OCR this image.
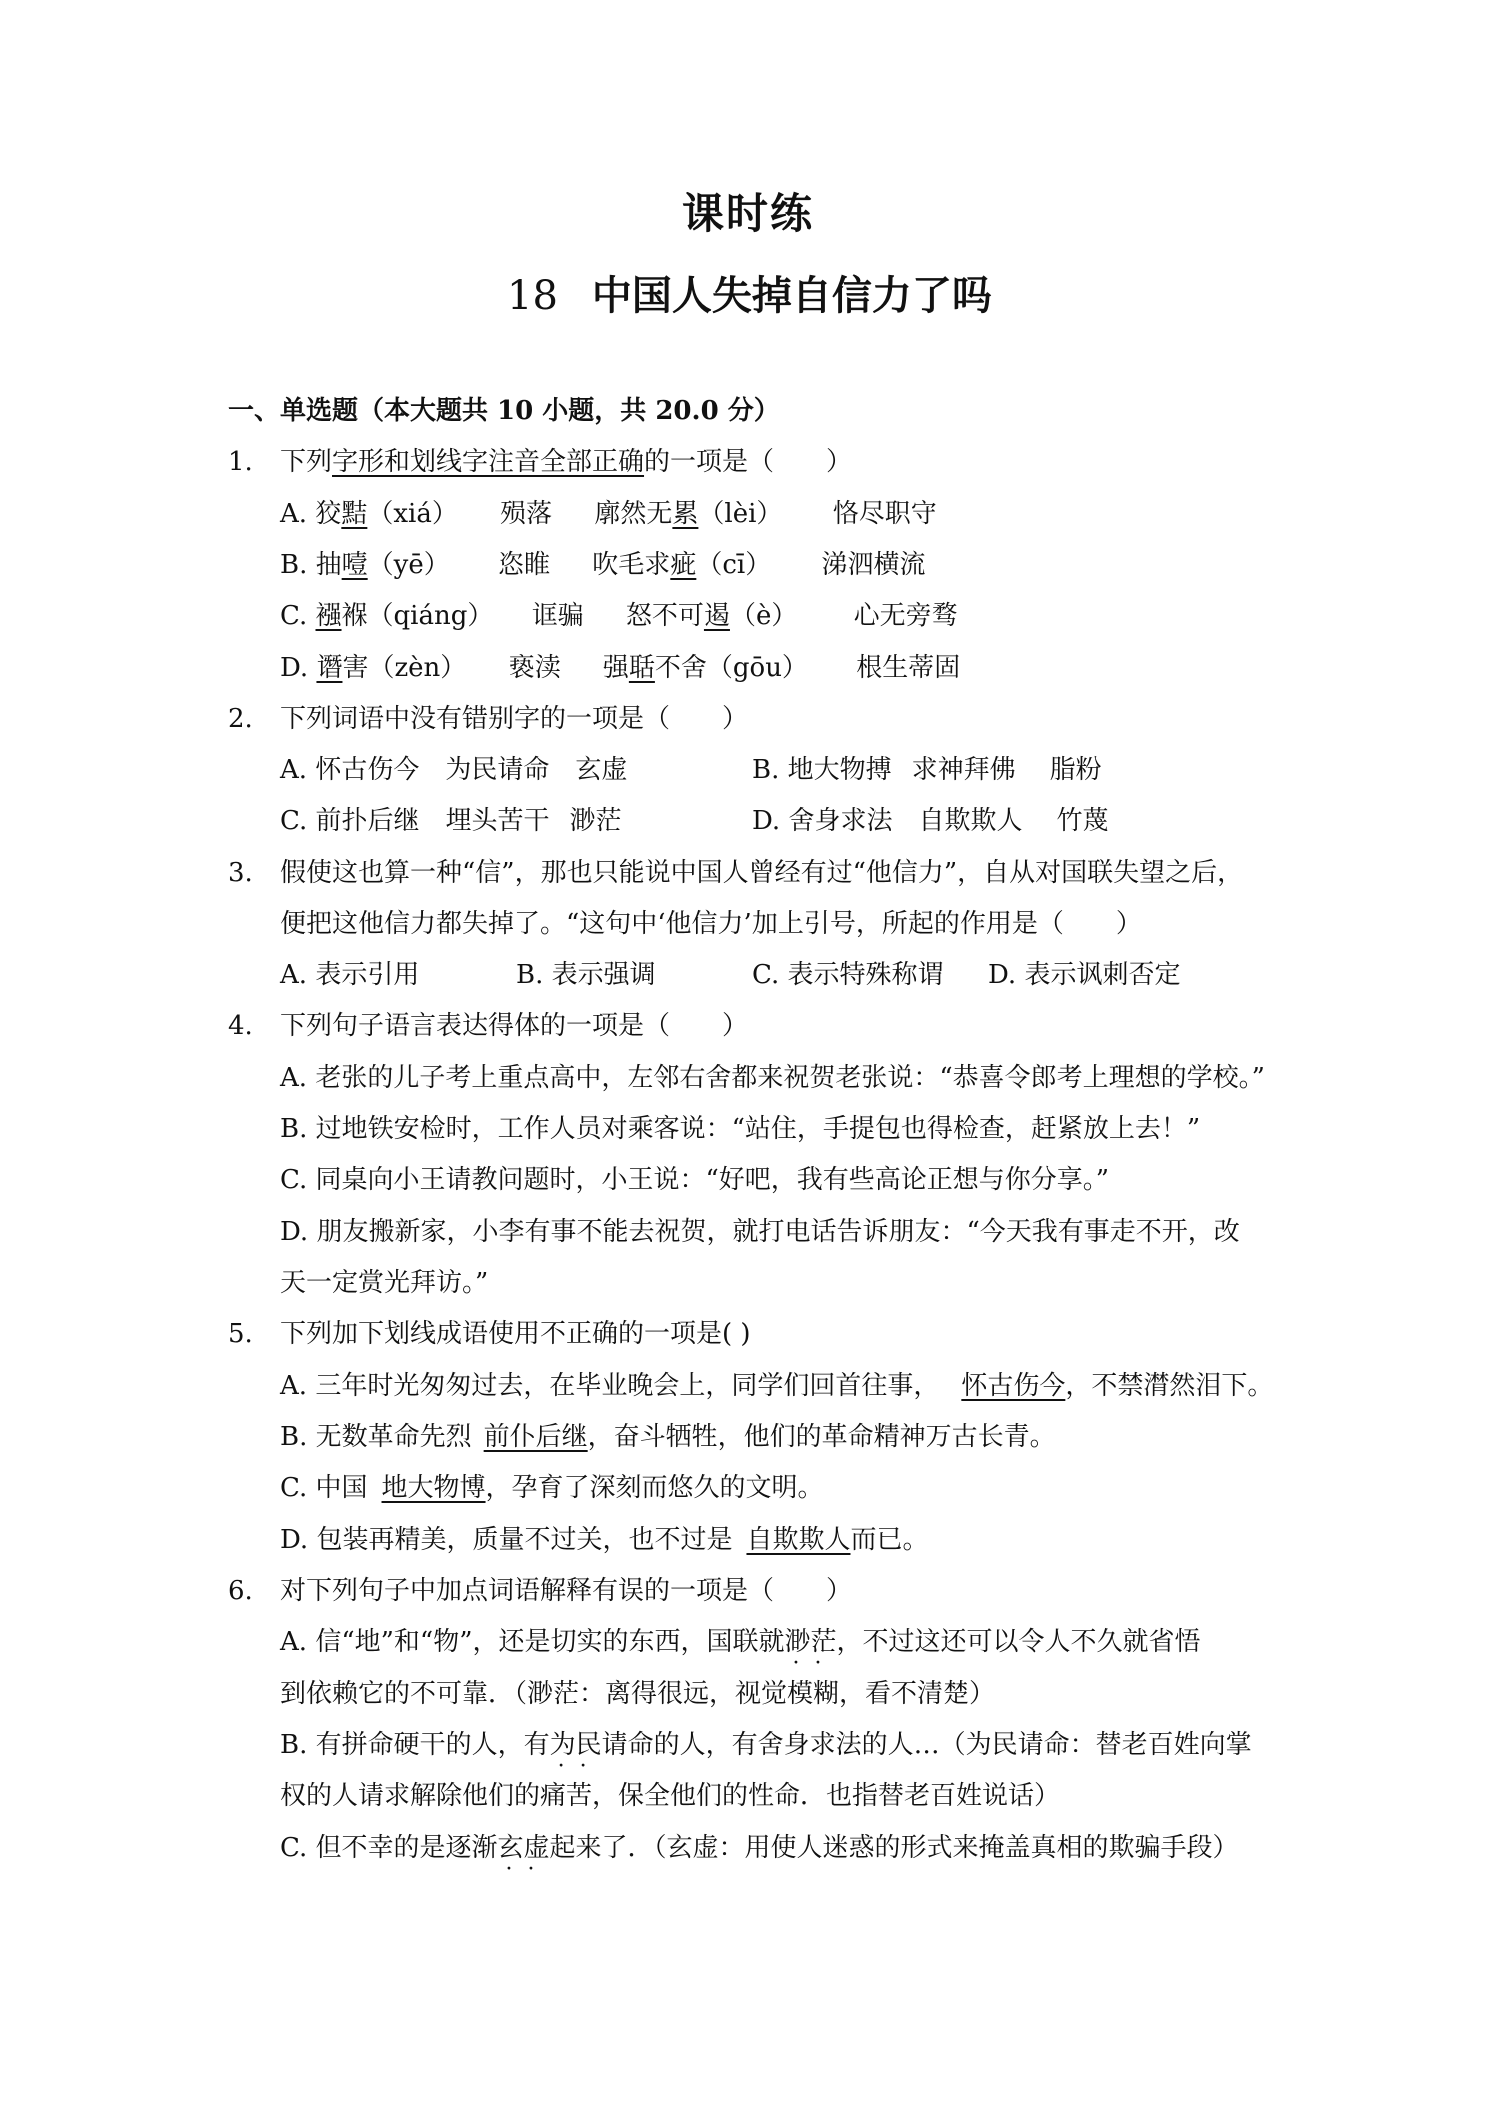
课时练
18 中国人失掉自信力了吗
一、单选题（本大题共 10 小题，共 20.0 分）
1. 下列字形和划线字注音全部正确的一项是（　　）
A. 狡黠（xiá） 殒落 廓然无累（lèi） 恪尽职守
B. 抽噎（yē） 恣睢 吹毛求疵（cī） 涕泗横流
C. 襁褓（qiáng） 诓骗 怒不可遏（è） 心无旁骛
D. 谮害（zèn） 亵渎 强聒不舍（gōu） 根生蒂固
2. 下列词语中没有错别字的一项是（　　）
A. 怀古伤今 为民请命 玄虚	B. 地大物搏 求神拜佛 脂粉
C. 前扑后继 埋头苦干 渺茫	D. 舍身求法 自欺欺人 竹蔑
3. 假使这也算一种“信”，那也只能说中国人曾经有过“他信力”，自从对国联失望之后，
便把这他信力都失掉了。“这句中‘他信力’加上引号，所起的作用是（　　）
A. 表示引用	B. 表示强调	C. 表示特殊称谓 D. 表示讽刺否定
4. 下列句子语言表达得体的一项是（　　）
A. 老张的儿子考上重点高中，左邻右舍都来祝贺老张说：“恭喜令郎考上理想的学校。”
B. 过地铁安检时，工作人员对乘客说：“站住，手提包也得检查，赶紧放上去！”
C. 同桌向小王请教问题时，小王说：“好吧，我有些高论正想与你分享。”
D. 朋友搬新家，小李有事不能去祝贺，就打电话告诉朋友：“今天我有事走不开，改
天一定赏光拜访。”
5. 下列加下划线成语使用不正确的一项是( )
A. 三年时光匆匆过去，在毕业晚会上，同学们回首往事， 怀古伤今，不禁潸然泪下。
B. 无数革命先烈 前仆后继，奋斗牺牲，他们的革命精神万古长青。
C. 中国 地大物博，孕育了深刻而悠久的文明。
D. 包装再精美，质量不过关，也不过是 自欺欺人而已。
6. 对下列句子中加点词语解释有误的一项是（　　）
A. 信“地”和“物”，还是切实的东西，国联就渺茫 · ·，不过这还可以令人不久就省悟
到依赖它的不可靠．（渺茫：离得很远，视觉模糊，看不清楚）
B. 有拼命硬干的人，有为民请命 · ·的人，有舍身求法的人…（为民请命：替老百姓向掌
权的人请求解除他们的痛苦，保全他们的性命．也指替老百姓说话）
C. 但不幸的是逐渐玄虚 · ·起来了．（玄虚：用使人迷惑的形式来掩盖真相的欺骗手段）
